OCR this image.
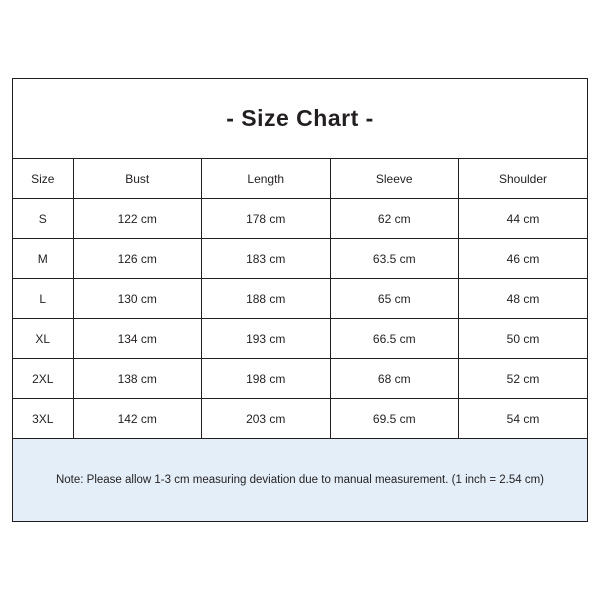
- Size Chart -
Size	Bust	Length	Sleeve	Shoulder
S	122 cm	178 cm	62 cm	44 cm
M	126 cm	183 cm	63.5 cm	46 cm
L	130 cm	188 cm	65 cm	48 cm
XL	134 cm	193 cm	66.5 cm	50 cm
2XL	138 cm	198 cm	68 cm	52 cm
3XL	142 cm	203 cm	69.5 cm	54 cm
Note: Please allow 1-3 cm measuring deviation due to manual measurement. (1 inch = 2.54 cm)
